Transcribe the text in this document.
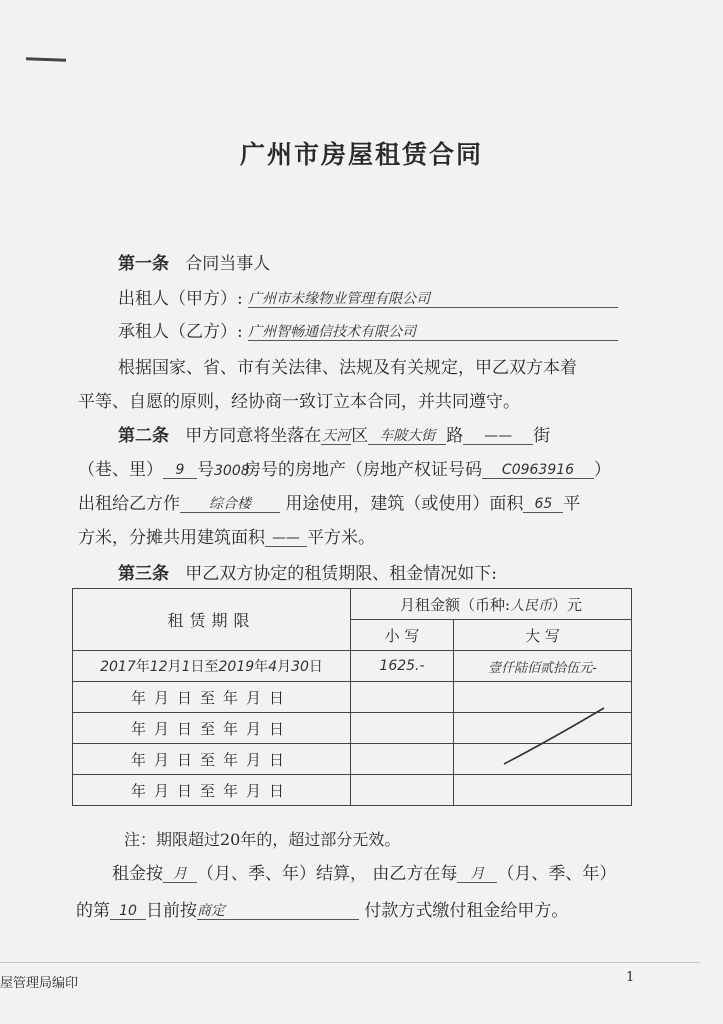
广州市房屋租赁合同
第一条 合同当事人
出租人（甲方）: 广州市未缘物业管理有限公司
承租人（乙方）: 广州智畅通信技术有限公司
根据国家、省、市有关法律、法规及有关规定，甲乙双方本着
平等、自愿的原则，经协商一致订立本合同，并共同遵守。
第二条 甲方同意将坐落在天河区 车陂大街 路 —— 街
（巷、里） 9 号3008房号的房地产（房地产权证号码 C0963916 ）
出租给乙方作 综合楼 用途使用，建筑（或使用）面积 65 平
方米，分摊共用建筑面积 —— 平方米。
第三条 甲乙双方协定的租赁期限、租金情况如下:
租赁期限	月租金额（币种:人民币）元	
	小 写	大 写
2017年12月1日至2019年4月30日	1625.-	壹仟陆佰贰拾伍元-
年月日至年月日		
年月日至年月日		
年月日至年月日		
年月日至年月日		
注：期限超过20年的，超过部分无效。
租金按 月 （月、季、年）结算， 由乙方在每 月 （月、季、年）
的第 10 日前按商定	付款方式缴付租金给甲方。
屋管理局编印	1
